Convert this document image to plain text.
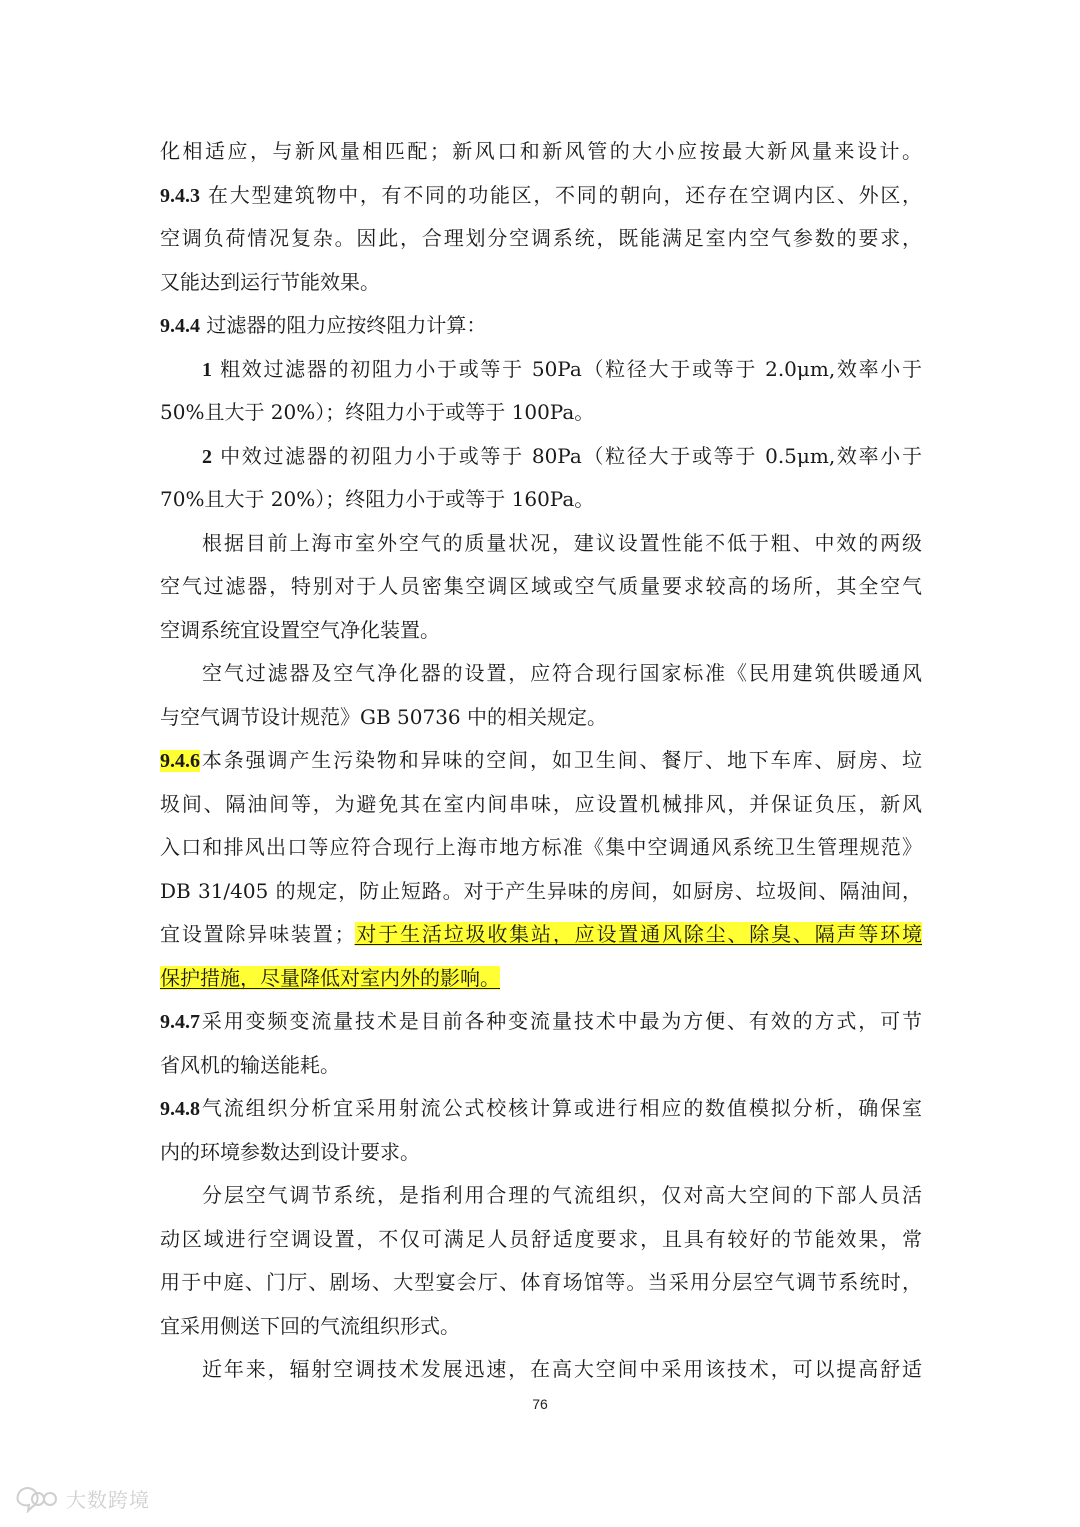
化相适应，与新风量相匹配；新风口和新风管的大小应按最大新风量来设计。
9.4.3 在大型建筑物中，有不同的功能区，不同的朝向，还存在空调内区、外区，
空调负荷情况复杂。因此，合理划分空调系统，既能满足室内空气参数的要求，
又能达到运行节能效果。
9.4.4 过滤器的阻力应按终阻力计算：
1 粗效过滤器的初阻力小于或等于 50Pa（粒径大于或等于 2.0μm,效率小于
50%且大于 20%）；终阻力小于或等于 100Pa。
2 中效过滤器的初阻力小于或等于 80Pa（粒径大于或等于 0.5μm,效率小于
70%且大于 20%）；终阻力小于或等于 160Pa。
根据目前上海市室外空气的质量状况，建议设置性能不低于粗、中效的两级
空气过滤器，特别对于人员密集空调区域或空气质量要求较高的场所，其全空气
空调系统宜设置空气净化装置。
空气过滤器及空气净化器的设置，应符合现行国家标准《民用建筑供暖通风
与空气调节设计规范》GB 50736 中的相关规定。
9.4.6本条强调产生污染物和异味的空间，如卫生间、餐厅、地下车库、厨房、垃
圾间、隔油间等，为避免其在室内间串味，应设置机械排风，并保证负压，新风
入口和排风出口等应符合现行上海市地方标准《集中空调通风系统卫生管理规范》
DB 31/405 的规定，防止短路。对于产生异味的房间，如厨房、垃圾间、隔油间，
宜设置除异味装置；对于生活垃圾收集站，应设置通风除尘、除臭、隔声等环境
保护措施，尽量降低对室内外的影响。
9.4.7采用变频变流量技术是目前各种变流量技术中最为方便、有效的方式，可节
省风机的输送能耗。
9.4.8气流组织分析宜采用射流公式校核计算或进行相应的数值模拟分析，确保室
内的环境参数达到设计要求。
分层空气调节系统，是指利用合理的气流组织，仅对高大空间的下部人员活
动区域进行空调设置，不仅可满足人员舒适度要求，且具有较好的节能效果，常
用于中庭、门厅、剧场、大型宴会厅、体育场馆等。当采用分层空气调节系统时，
宜采用侧送下回的气流组织形式。
近年来，辐射空调技术发展迅速，在高大空间中采用该技术，可以提高舒适
76
大数跨境
